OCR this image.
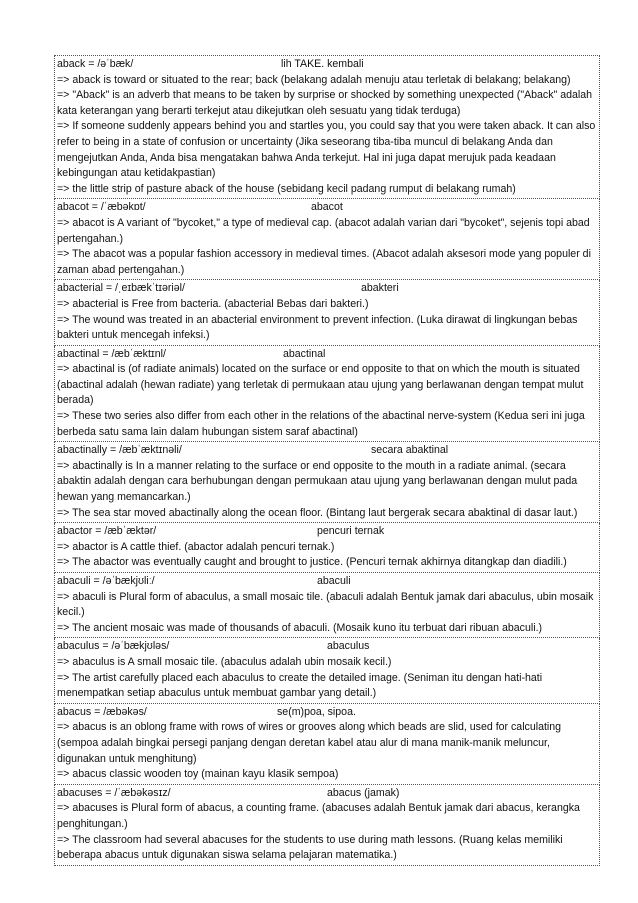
aback = /əˈbæk/	lih TAKE. kembali
=> aback is toward or situated to the rear; back (belakang adalah menuju atau terletak di belakang; belakang)
=> "Aback" is an adverb that means to be taken by surprise or shocked by something unexpected ("Aback" adalah kata keterangan yang berarti terkejut atau dikejutkan oleh sesuatu yang tidak terduga)
=> If someone suddenly appears behind you and startles you, you could say that you were taken aback. It can also refer to being in a state of confusion or uncertainty (Jika seseorang tiba-tiba muncul di belakang Anda dan mengejutkan Anda, Anda bisa mengatakan bahwa Anda terkejut. Hal ini juga dapat merujuk pada keadaan kebingungan atau ketidakpastian)
=> the little strip of pasture aback of the house (sebidang kecil padang rumput di belakang rumah)
abacot = /ˈæbəkɒt/	abacot
=> abacot is A variant of "bycoket," a type of medieval cap. (abacot adalah varian dari "bycoket", sejenis topi abad pertengahan.)
=> The abacot was a popular fashion accessory in medieval times. (Abacot adalah aksesori mode yang populer di zaman abad pertengahan.)
abacterial = /ˌeɪbækˈtɪəriəl/	abakteri
=> abacterial is Free from bacteria. (abacterial Bebas dari bakteri.)
=> The wound was treated in an abacterial environment to prevent infection. (Luka dirawat di lingkungan bebas bakteri untuk mencegah infeksi.)
abactinal = /æbˈæktɪnl/	abactinal
=> abactinal is (of radiate animals) located on the surface or end opposite to that on which the mouth is situated (abactinal adalah (hewan radiate) yang terletak di permukaan atau ujung yang berlawanan dengan tempat mulut berada)
=> These two series also differ from each other in the relations of the abactinal nerve-system (Kedua seri ini juga berbeda satu sama lain dalam hubungan sistem saraf abactinal)
abactinally = /æbˈæktɪnəli/	secara abaktinal
=> abactinally is In a manner relating to the surface or end opposite to the mouth in a radiate animal. (secara abaktin adalah dengan cara berhubungan dengan permukaan atau ujung yang berlawanan dengan mulut pada hewan yang memancarkan.)
=> The sea star moved abactinally along the ocean floor. (Bintang laut bergerak secara abaktinal di dasar laut.)
abactor = /æbˈæktər/	pencuri ternak
=> abactor is A cattle thief. (abactor adalah pencuri ternak.)
=> The abactor was eventually caught and brought to justice. (Pencuri ternak akhirnya ditangkap dan diadili.)
abaculi = /əˈbækjʊliː/	abaculi
=> abaculi is Plural form of abaculus, a small mosaic tile. (abaculi adalah Bentuk jamak dari abaculus, ubin mosaik kecil.)
=> The ancient mosaic was made of thousands of abaculi. (Mosaik kuno itu terbuat dari ribuan abaculi.)
abaculus = /əˈbækjʊləs/	abaculus
=> abaculus is A small mosaic tile. (abaculus adalah ubin mosaik kecil.)
=> The artist carefully placed each abaculus to create the detailed image. (Seniman itu dengan hati-hati menempatkan setiap abaculus untuk membuat gambar yang detail.)
abacus = /æbəkəs/	se(m)poa, sipoa.
=> abacus is an oblong frame with rows of wires or grooves along which beads are slid, used for calculating (sempoa adalah bingkai persegi panjang dengan deretan kabel atau alur di mana manik-manik meluncur, digunakan untuk menghitung)
=> abacus classic wooden toy (mainan kayu klasik sempoa)
abacuses = /ˈæbəkəsɪz/	abacus (jamak)
=> abacuses is Plural form of abacus, a counting frame. (abacuses adalah Bentuk jamak dari abacus, kerangka penghitungan.)
=> The classroom had several abacuses for the students to use during math lessons. (Ruang kelas memiliki beberapa abacus untuk digunakan siswa selama pelajaran matematika.)
